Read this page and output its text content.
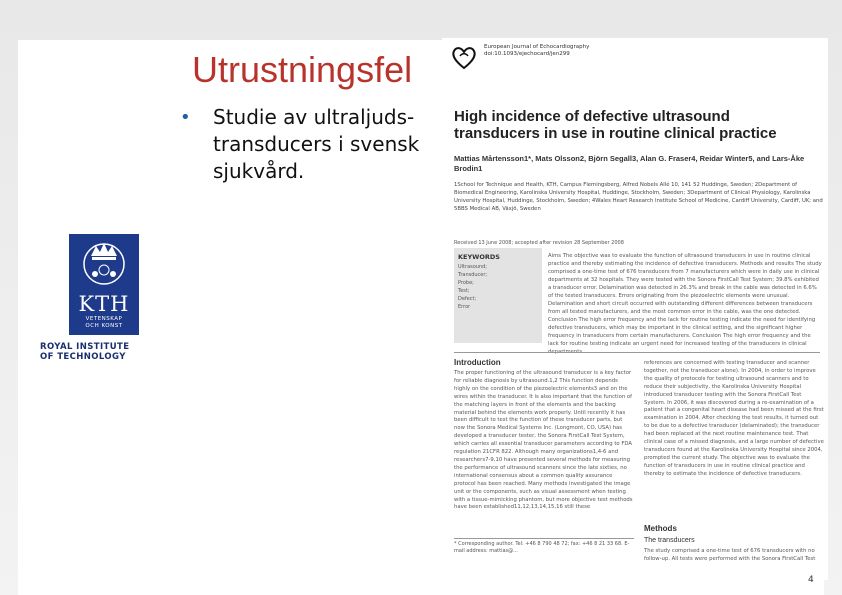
Utrustningsfel
• Studie av ultraljuds-transducers i svensk sjukvård.
KTH
VETENSKAP
OCH KONST
ROYAL INSTITUTE
OF TECHNOLOGY
European Journal of Echocardiography doi:10.1093/ejechocard/jen299
High incidence of defective ultrasound transducers in use in routine clinical practice
Mattias Mårtensson1*, Mats Olsson2, Björn Segall3, Alan G. Fraser4, Reidar Winter5, and Lars-Åke Brodin1
1School for Technique and Health, KTH, Campus Flemingsberg, Alfred Nobels Allé 10, 141 52 Huddinge, Sweden; 2Department of Biomedical Engineering, Karolinska University Hospital, Huddinge, Stockholm, Sweden; 3Department of Clinical Physiology, Karolinska University Hospital, Huddinge, Stockholm, Sweden; 4Wales Heart Research Institute School of Medicine, Cardiff University, Cardiff, UK; and 5BBS Medical AB, Växjö, Sweden
KEYWORDS
Ultrasound;
Transducer;
Probe;
Test;
Defect;
Error
Received 13 June 2008; accepted after revision 28 September 2008
Aims The objective was to evaluate the function of ultrasound transducers in use in routine clinical practice and thereby estimating the incidence of defective transducers. Methods and results The study comprised a one-time test of 676 transducers from 7 manufacturers which were in daily use in clinical departments at 32 hospitals. They were tested with the Sonora FirstCall Test System; 39.8% exhibited a transducer error. Delamination was detected in 26.3% and break in the cable was detected in 6.6% of the tested transducers. Errors originating from the piezoelectric elements were unusual. Delamination and short circuit occurred with outstanding different differences between transducers from all tested manufacturers, and the most common error in the cable, was the one detected. Conclusion The high error frequency and the lack for routine testing indicate the need for identifying defective transducers, which may be important in the clinical setting, and the significant higher frequency in transducers from certain manufacturers. Conclusion The high error frequency and the lack for routine testing indicate an urgent need for increased testing of the transducers in clinical
Introduction
The proper functioning of the ultrasound transducer is a key factor for reliable diagnosis by ultrasound.1,2 This function depends highly on the condition of the piezoelectric elements3 and on the wires within the transducer. It is also important that the function of the matching layers in front of the elements and the backing material behind the elements work properly. Until recently it has been difficult to test the function of these transducer parts, but now the Sonora Medical Systems Inc. (Longmont, CO, USA) has developed a transducer tester, the Sonora FirstCall Test System, which carries all essential transducer parameters according to FDA regulation 21CFR 822. Although many organizations1,4-6 and researchers7-9,10 have presented several methods for measuring the performance of ultrasound scanners since the late sixties, no international consensus about a common quality assurance protocol has been reached. Many methods investigated the image unit or the components, such as visual assessment when testing with a tissue-mimicking phantom, but more objective test methods have been established11,12,13,14,15,16 still these
references are concerned with testing transducer and scanner together, not the transducer alone). In 2004, in order to improve the quality of protocols for testing ultrasound scanners and to reduce their subjectivity, the Karolinska University Hospital introduced transducer testing with the Sonora FirstCall Test System. In 2006, it was discovered during a re-examination of a patient that a congenital heart disease had been missed at the first examination in 2004. After checking the test results, it turned out to be due to a defective transducer (delaminated); the transducer had been replaced at the next routine maintenance test. That clinical case of a missed diagnosis, and a large number of defective transducers found at the Karolinska University Hospital since 2004, prompted the current study. The objective was to evaluate the function of transducers in use in routine clinical practice and thereby to estimate the incidence of defective transducers.
Methods
The transducers
The study comprised a one-time test of 676 transducers with no follow-up. All tests were performed with the Sonora FirstCall Test
* Corresponding author. Tel: +46 8 790 48 72; fax: +46 8 21 33 68. E-mail address: mattias@...
4
